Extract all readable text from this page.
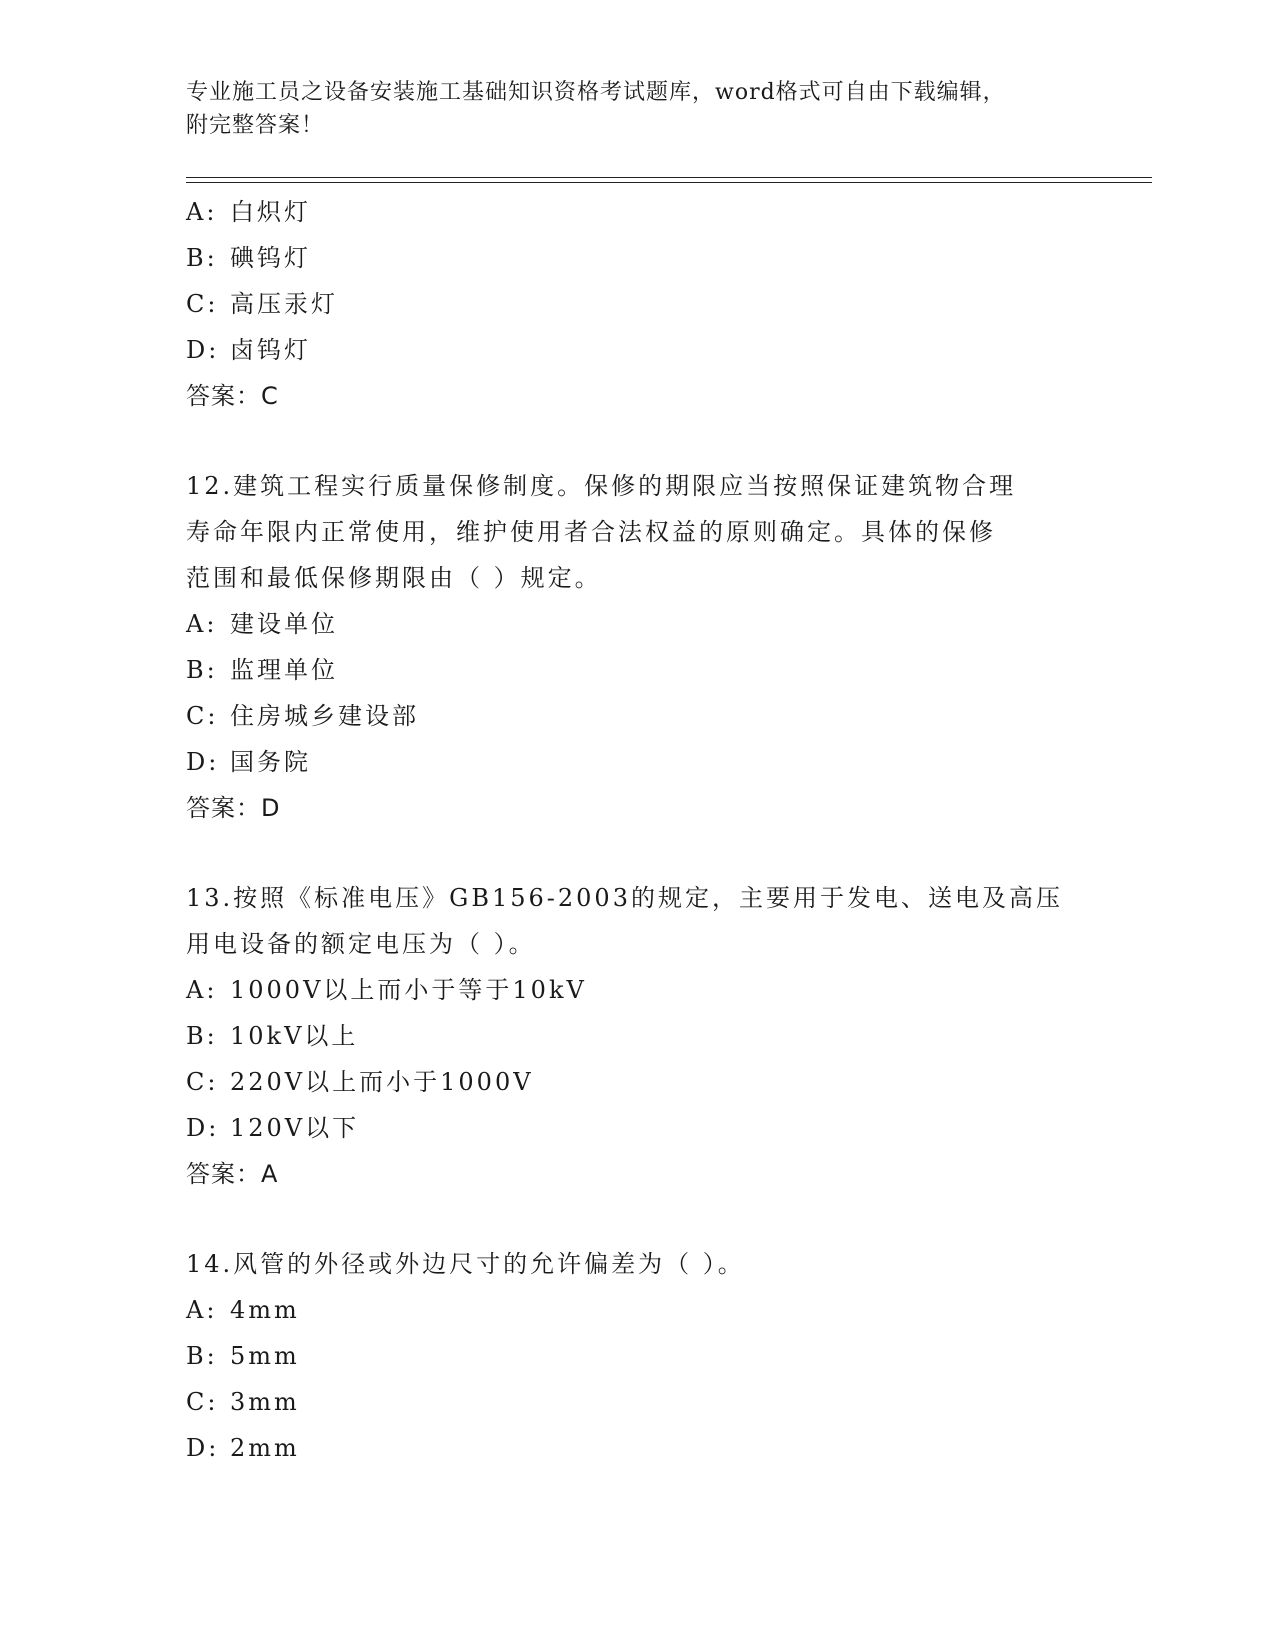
专业施工员之设备安装施工基础知识资格考试题库，word格式可自由下载编辑，
附完整答案！
A: 白炽灯
B: 碘钨灯
C: 高压汞灯
D: 卤钨灯
答案：C
12.建筑工程实行质量保修制度。保修的期限应当按照保证建筑物合理
寿命年限内正常使用，维护使用者合法权益的原则确定。具体的保修
范围和最低保修期限由（ ）规定。
A: 建设单位
B: 监理单位
C: 住房城乡建设部
D: 国务院
答案：D
13.按照《标准电压》GB156-2003的规定，主要用于发电、送电及高压
用电设备的额定电压为（ ）。
A: 1000V以上而小于等于10kV
B: 10kV以上
C: 220V以上而小于1000V
D: 120V以下
答案：A
14.风管的外径或外边尺寸的允许偏差为（ ）。
A: 4mm
B: 5mm
C: 3mm
D: 2mm
